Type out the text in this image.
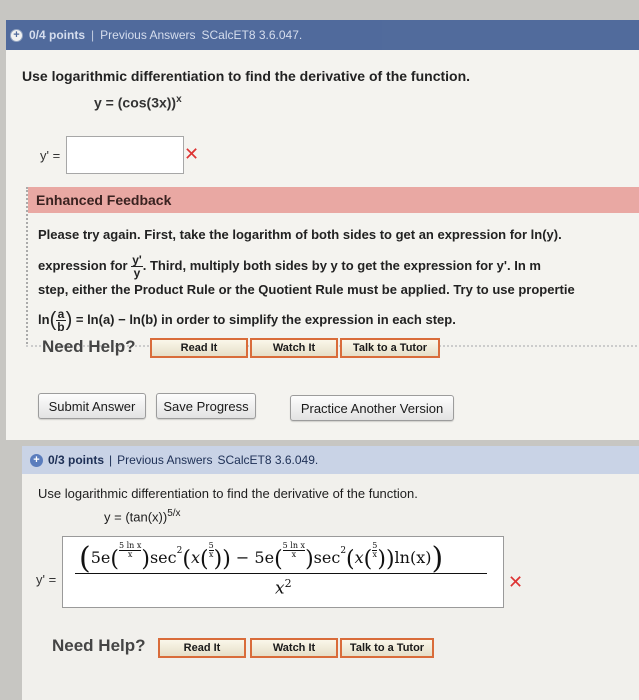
+ 0/4 points | Previous Answers SCalcET8 3.6.047.
Use logarithmic differentiation to find the derivative of the function.
$y = (\cos(3x))^x$
y' =	✕
Enhanced Feedback
Please try again. First, take the logarithm of both sides to get an expression for ln(y).
expression for $\frac{y'}{y}$ . Third, multiply both sides by y to get the expression for y'. In m
step, either the Product Rule or the Quotient Rule must be applied. Try to use propertie
$\ln( \frac{a}{b}$ ) = ln(a) − ln(b) in order to simplify the expression in each step.
Need Help?	Read It	Watch It	Talk to a Tutor
Submit Answer	Save Progress	Practice Another Version
+ 0/3 points | Previous Answers SCalcET8 3.6.049.
Use logarithmic differentiation to find the derivative of the function.
$y = (\tan(x))^{5/x}$
y' =
($5e( \frac{\text{5 ln x}}{x} )\sec^2(x( \frac{5}{x}$ )) − $5e( \frac{\text{5 ln x}}{x} )\sec^2(x( \frac{5}{x} ))\ln(x)$)
$x^2$	✕
Need Help?	Read It	Watch It	Talk to a Tutor
